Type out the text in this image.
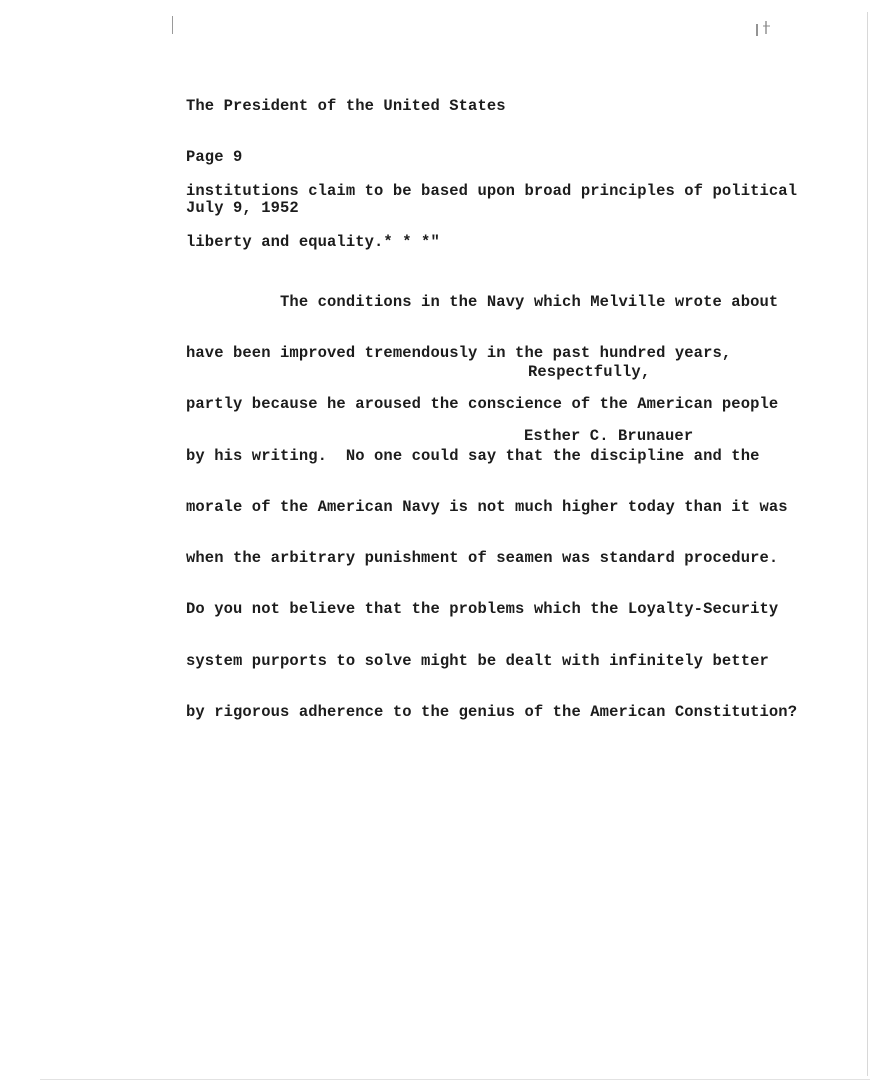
The President of the United States

Page 9

July 9, 1952

institutions claim to be based upon broad principles of political

liberty and equality.* * *"

The conditions in the Navy which Melville wrote about

have been improved tremendously in the past hundred years,

partly because he aroused the conscience of the American people

by his writing.  No one could say that the discipline and the

morale of the American Navy is not much higher today than it was

when the arbitrary punishment of seamen was standard procedure.

Do you not believe that the problems which the Loyalty-Security

system purports to solve might be dealt with infinitely better

by rigorous adherence to the genius of the American Constitution?

Respectfully,
Esther C. Brunauer
